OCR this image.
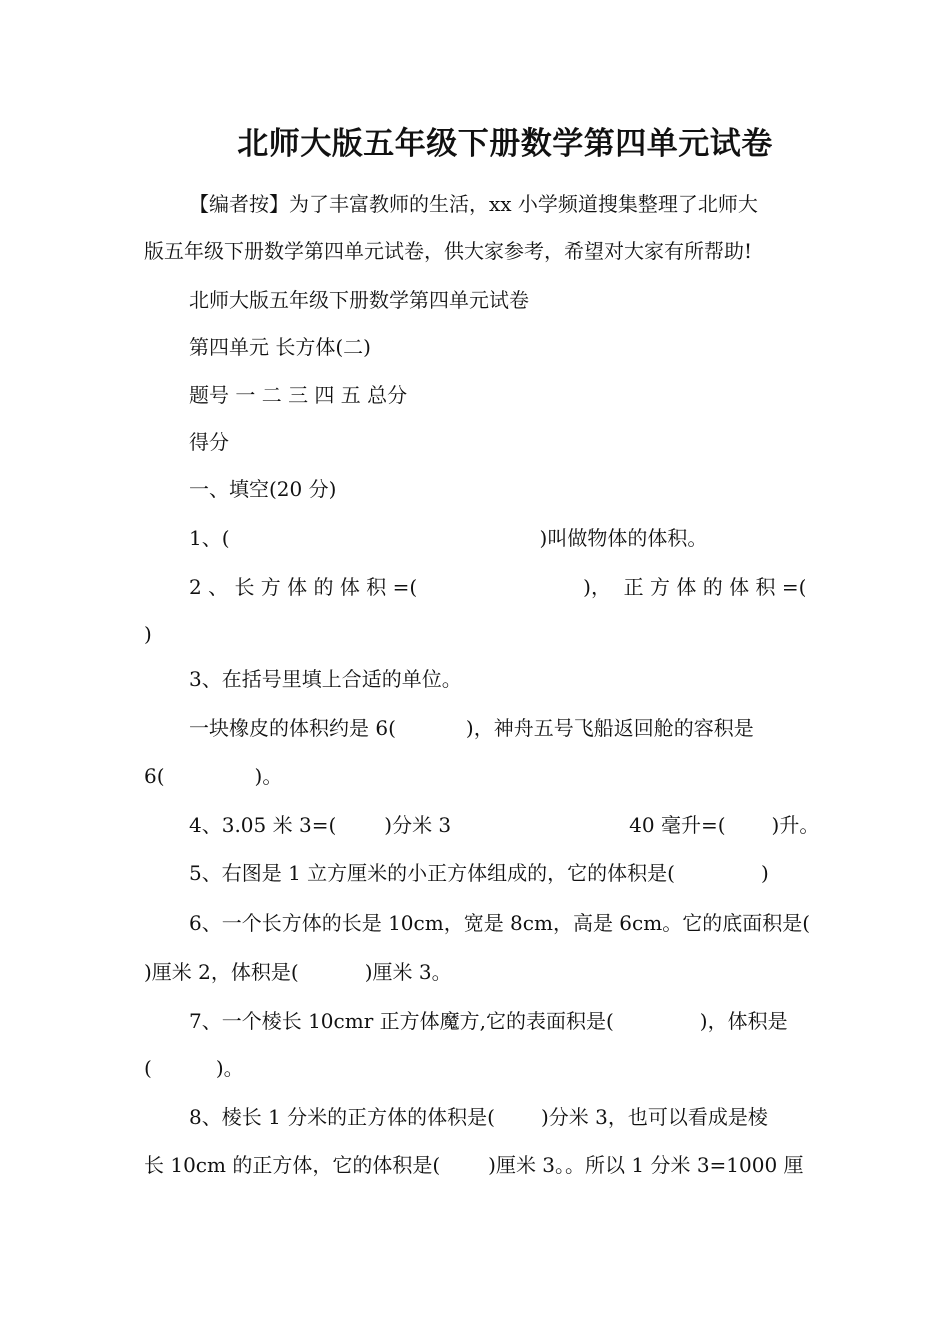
北师大版五年级下册数学第四单元试卷
【编者按】为了丰富教师的生活，xx 小学频道搜集整理了北师大
版五年级下册数学第四单元试卷，供大家参考，希望对大家有所帮助!
北师大版五年级下册数学第四单元试卷
第四单元 长方体(二)
题号 一 二 三 四 五 总分
得分
一、填空(20 分)
1、(	)叫做物体的体积。
2 、 长 方 体 的 体 积 =(	)，  正 方 体 的 体 积 =(
)
3、在括号里填上合适的单位。
一块橡皮的体积约是 6(	)，神舟五号飞船返回舱的容积是
6(	)。
4、3.05 米 3=( )分米 3	40 毫升=( )升。
5、右图是 1 立方厘米的小正方体组成的，它的体积是(	)
6、一个长方体的长是 10cm，宽是 8cm，高是 6cm。它的底面积是(
)厘米 2，体积是(	)厘米 3。
7、一个棱长 10cmr 正方体魔方,它的表面积是(	)，体积是
(	)。
8、棱长 1 分米的正方体的体积是( )分米 3，也可以看成是棱
长 10cm 的正方体，它的体积是( )厘米 3。。所以 1 分米 3=1000 厘
